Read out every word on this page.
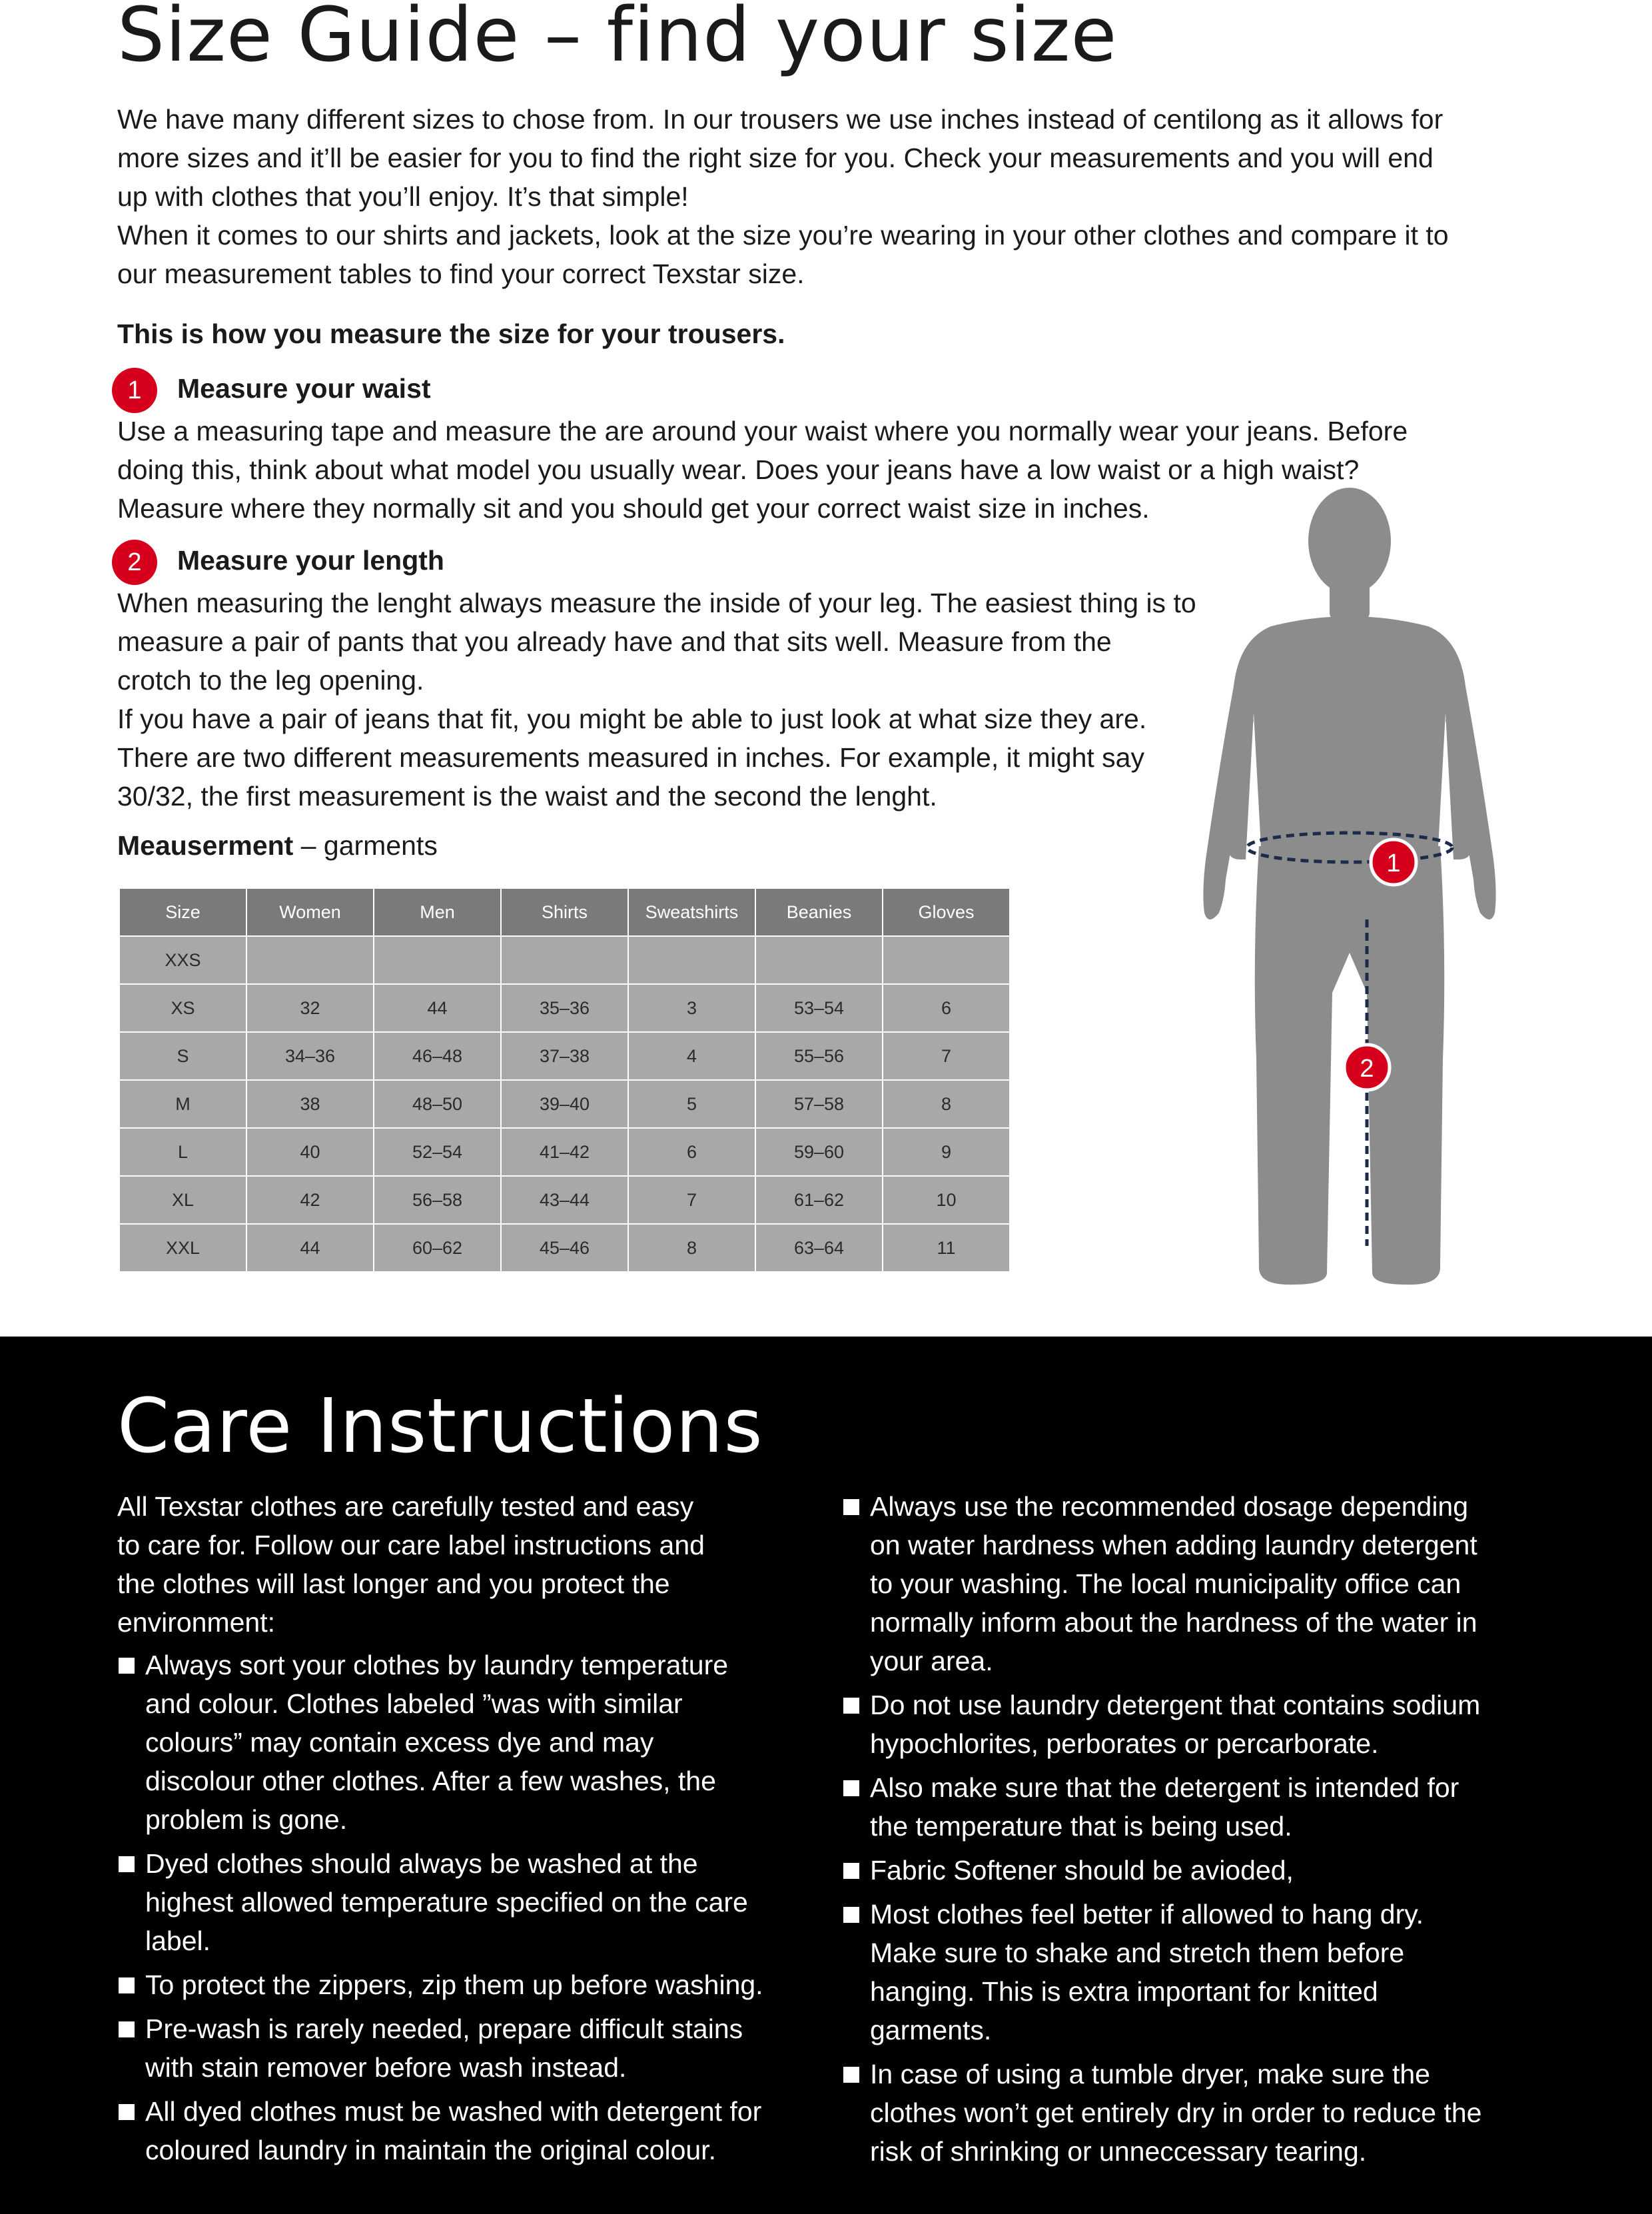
Size Guide – find your size

We have many different sizes to chose from. In our trousers we use inches instead of centilong as it allows for
more sizes and it’ll be easier for you to find the right size for you. Check your measurements and you will end
up with clothes that you’ll enjoy. It’s that simple!
When it comes to our shirts and jackets, look at the size you’re wearing in your other clothes and compare it to
our measurement tables to find your correct Texstar size.

This is how you measure the size for your trousers.

1	Measure your waist

Use a measuring tape and measure the are around your waist where you normally wear your jeans. Before
doing this, think about what model you usually wear. Does your jeans have a low waist or a high waist?
Measure where they normally sit and you should get your correct waist size in inches.

2	Measure your length

When measuring the lenght always measure the inside of your leg. The easiest thing is to
measure a pair of pants that you already have and that sits well. Measure from the
crotch to the leg opening.
If you have a pair of jeans that fit, you might be able to just look at what size they are.
There are two different measurements measured in inches. For example, it might say
30/32, the first measurement is the waist and the second the lenght.

Meauserment – garments

Size	Women	Men	Shirts	Sweatshirts	Beanies	Gloves
XXS						
XS	32	44	35–36	3	53–54	6
S	34–36	46–48	37–38	4	55–56	7
M	38	48–50	39–40	5	57–58	8
L	40	52–54	41–42	6	59–60	9
XL	42	56–58	43–44	7	61–62	10
XXL	44	60–62	45–46	8	63–64	11
1
2
Care Instructions

All Texstar clothes are carefully tested and easy
to care for. Follow our care label instructions and
the clothes will last longer and you protect the
environment:

Always sort your clothes by laundry temperature
and colour. Clothes labeled ”was with similar
colours” may contain excess dye and may
discolour other clothes. After a few washes, the
problem is gone.
Dyed clothes should always be washed at the
highest allowed temperature specified on the care
label.
To protect the zippers, zip them up before washing.
Pre-wash is rarely needed, prepare difficult stains
with stain remover before wash instead.
All dyed clothes must be washed with detergent for
coloured laundry in maintain the original colour.
Always use the recommended dosage depending
on water hardness when adding laundry detergent
to your washing. The local municipality office can
normally inform about the hardness of the water in
your area.
Do not use laundry detergent that contains sodium
hypochlorites, perborates or percarborate.
Also make sure that the detergent is intended for
the temperature that is being used.
Fabric Softener should be avioded,
Most clothes feel better if allowed to hang dry.
Make sure to shake and stretch them before
hanging. This is extra important for knitted
garments.
In case of using a tumble dryer, make sure the
clothes won’t get entirely dry in order to reduce the
risk of shrinking or unneccessary tearing.
